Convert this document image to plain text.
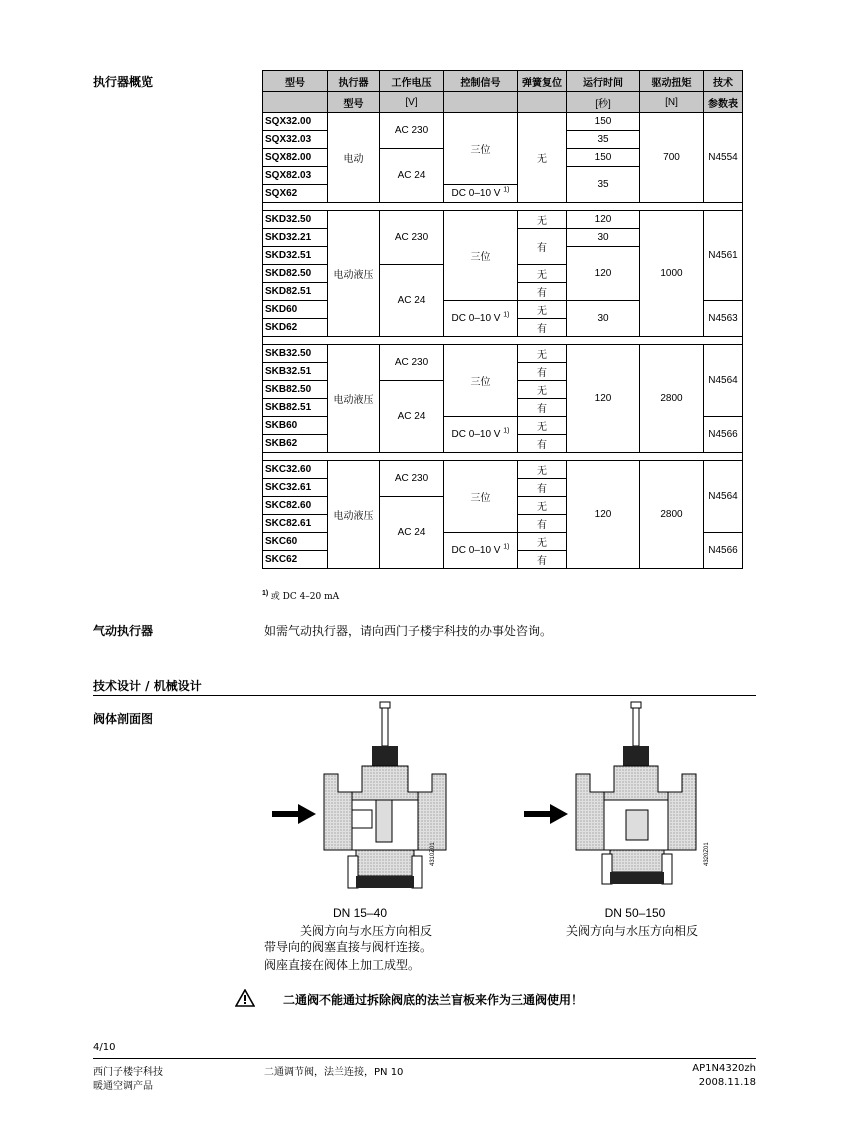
执行器概览	型号	执行器	工作电压	控制信号	弹簧复位	运行时间	驱动扭矩	技术
	型号	[V]			[秒]	[N]	参数表
SQX32.00	电动	AC 230	三位	无	150	700	N4554
SQX32.03					35		
SQX82.00		AC 24			150		
SQX82.03					35		
SQX62			DC 0–10 V $^{1)}$

SKD32.50	电动液压	AC 230	三位	无	120	1000	N4561
SKD32.21				有	30		
SKD32.51					120		
SKD82.50		AC 24		无			
SKD82.51				有			
SKD60			DC 0–10 V $^{1)}$	无	30		N4563
SKD62				有			

SKB32.50	电动液压	AC 230	三位	无	120	2800	N4564
SKB32.51				有			
SKB82.50		AC 24		无			
SKB82.51				有			
SKB60			DC 0–10 V $^{1)}$	无			N4566
SKB62				有			

SKC32.60	电动液压	AC 230	三位	无	120	2800	N4564
SKC32.61				有			
SKC82.60		AC 24		无			
SKC82.61				有			
SKC60			DC 0–10 V $^{1)}$	无			N4566
SKC62				有			
$^{1)}$ 或 DC 4–20 mA
气动执行器	如需气动执行器，请向西门子楼宇科技的办事处咨询。
技术设计 / 机械设计
阀体剖面图
4310Z01	4320Z01
DN 15–40
关阀方向与水压方向相反
DN 50–150
关阀方向与水压方向相反
带导向的阀塞直接与阀杆连接。
阀座直接在阀体上加工成型。
二通阀不能通过拆除阀底的法兰盲板来作为三通阀使用！
4/10
西门子楼宇科技
暖通空调产品
二通调节阀，法兰连接，PN 10	AP1N4320zh
2008.11.18
